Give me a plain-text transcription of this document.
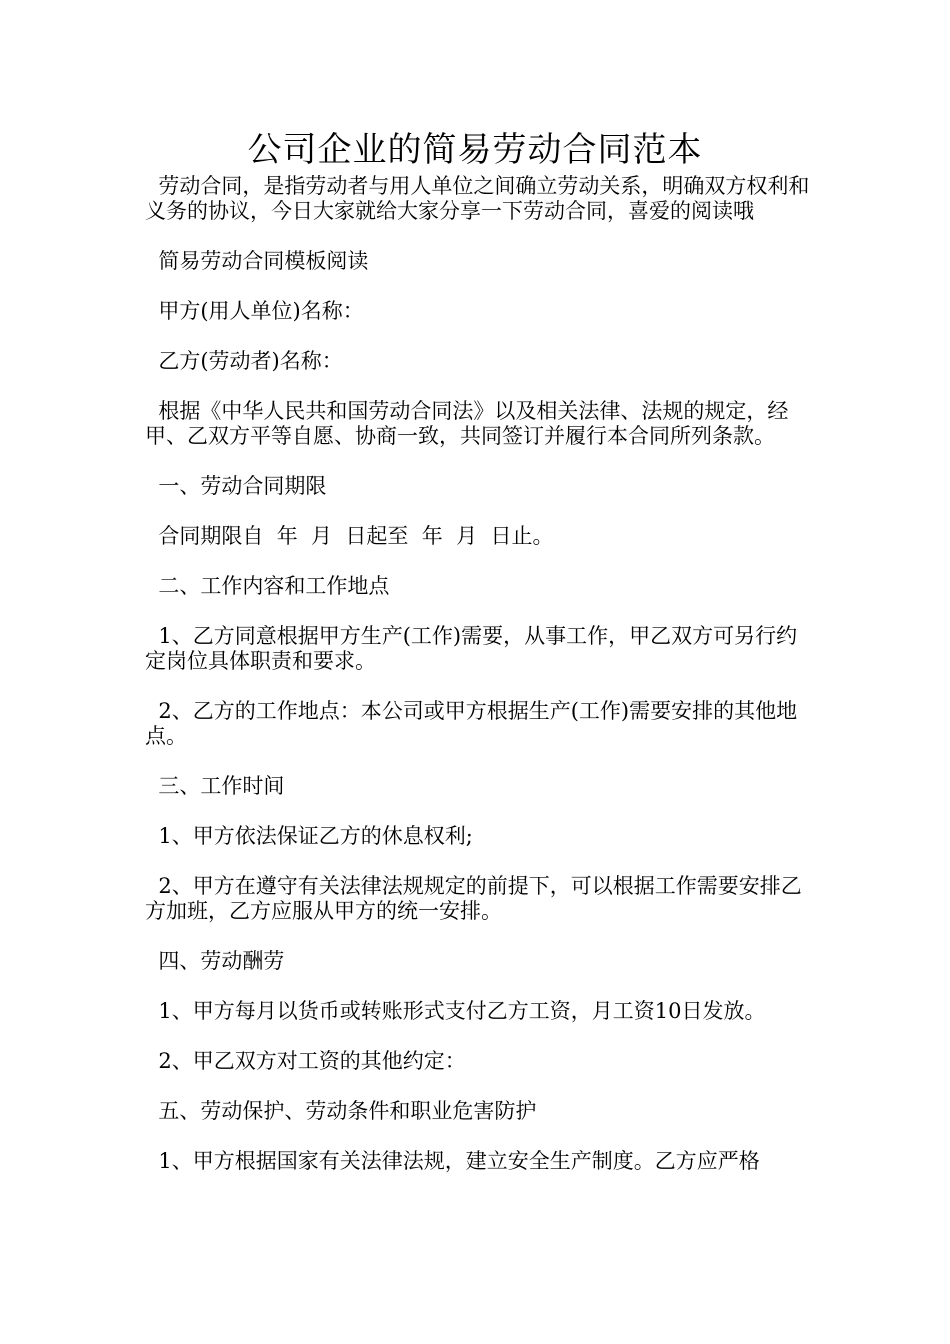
公司企业的简易劳动合同范本

劳动合同，是指劳动者与用人单位之间确立劳动关系，明确双方权利和义务的协议，今日大家就给大家分享一下劳动合同，喜爱的阅读哦

简易劳动合同模板阅读

甲方(用人单位)名称：

乙方(劳动者)名称：

根据《中华人民共和国劳动合同法》以及相关法律、法规的规定，经甲、乙双方平等自愿、协商一致，共同签订并履行本合同所列条款。

一、劳动合同期限

合同期限自  年  月  日起至  年  月  日止。

二、工作内容和工作地点

1、乙方同意根据甲方生产(工作)需要，从事工作，甲乙双方可另行约定岗位具体职责和要求。

2、乙方的工作地点：本公司或甲方根据生产(工作)需要安排的其他地点。

三、工作时间

1、甲方依法保证乙方的休息权利;

2、甲方在遵守有关法律法规规定的前提下，可以根据工作需要安排乙方加班，乙方应服从甲方的统一安排。

四、劳动酬劳

1、甲方每月以货币或转账形式支付乙方工资，月工资10日发放。

2、甲乙双方对工资的其他约定：

五、劳动保护、劳动条件和职业危害防护

1、甲方根据国家有关法律法规，建立安全生产制度。乙方应严格
